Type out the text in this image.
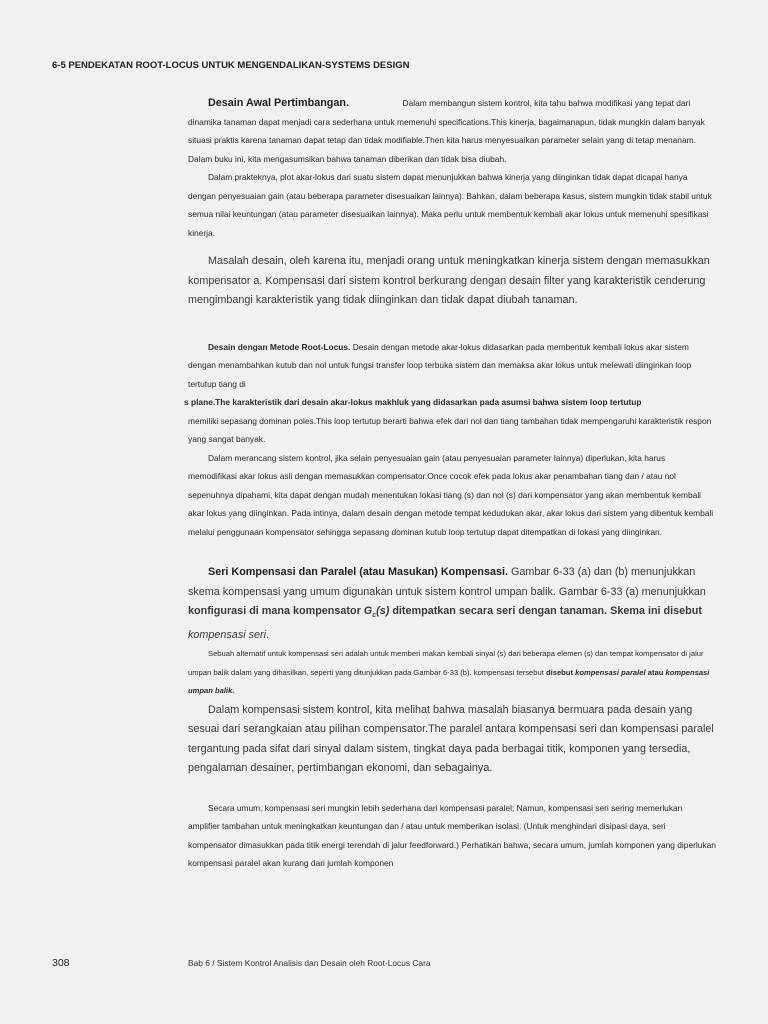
6-5 PENDEKATAN ROOT-LOCUS UNTUK MENGENDALIKAN-SYSTEMS DESIGN

Desain Awal Pertimbangan.	Dalam membangun sistem kontrol, kita tahu bahwa modifikasi yang tepat dari dinamika tanaman dapat menjadi cara sederhana untuk memenuhi specifications.This kinerja, bagaimanapun, tidak mungkin dalam banyak situasi praktis karena tanaman dapat tetap dan tidak modifiable.Then kita harus menyesuaikan parameter selain yang di tetap menanam. Dalam buku ini, kita mengasumsikan bahwa tanaman diberikan dan tidak bisa diubah.

Dalam prakteknya, plot akar-lokus dari suatu sistem dapat menunjukkan bahwa kinerja yang diinginkan tidak dapat dicapai hanya dengan penyesuaian gain (atau beberapa parameter disesuaikan lainnya). Bahkan, dalam beberapa kasus, sistem mungkin tidak stabil untuk semua nilai keuntungan (atau parameter disesuaikan lainnya). Maka perlu untuk membentuk kembali akar lokus untuk memenuhi spesifikasi kinerja.

Masalah desain, oleh karena itu, menjadi orang untuk meningkatkan kinerja sistem dengan memasukkan kompensator a. Kompensasi dari sistem kontrol berkurang dengan desain filter yang karakteristik cenderung mengimbangi karakteristik yang tidak diinginkan dan tidak dapat diubah tanaman.

Desain dengan Metode Root-Locus. Desain dengan metode akar-lokus didasarkan pada membentuk kembali lokus akar sistem dengan menambahkan kutub dan nol untuk fungsi transfer loop terbuka sistem dan memaksa akar lokus untuk melewati diinginkan loop tertutup tiang di

s plane.The karakteristik dari desain akar-lokus makhluk yang didasarkan pada asumsi bahwa sistem loop tertutup

memiliki sepasang dominan poles.This loop tertutup berarti bahwa efek dari nol dan tiang tambahan tidak mempengaruhi karakteristik respon yang sangat banyak.

Dalam merancang sistem kontrol, jika selain penyesuaian gain (atau penyesuaian parameter lainnya) diperlukan, kita harus memodifikasi akar lokus asli dengan memasukkan compensator.Once cocok efek pada lokus akar penambahan tiang dan / atau nol sepenuhnya dipahami, kita dapat dengan mudah menentukan lokasi tiang (s) dan nol (s) dari kompensator yang akan membentuk kembali akar lokus yang diinginkan. Pada intinya, dalam desain dengan metode tempat kedudukan akar, akar lokus dari sistem yang dibentuk kembali melalui penggunaan kompensator sehingga sepasang dominan kutub loop tertutup dapat ditempatkan di lokasi yang diinginkan.

Seri Kompensasi dan Paralel (atau Masukan) Kompensasi. Gambar 6-33 (a) dan (b) menunjukkan skema kompensasi yang umum digunakan untuk sistem kontrol umpan balik. Gambar 6-33 (a) menunjukkan konfigurasi di mana kompensator $G_c(s)$ ditempatkan secara seri dengan tanaman. Skema ini disebut kompensasi seri.

Sebuah alternatif untuk kompensasi seri adalah untuk memberi makan kembali sinyal (s) dari beberapa elemen (s) dan tempat kompensator di jalur umpan balik dalam yang dihasilkan, seperti yang ditunjukkan pada Gambar 6-33 (b). kompensasi tersebut disebut kompensasi paralel atau kompensasi umpan balik.

Dalam kompensasi sistem kontrol, kita melihat bahwa masalah biasanya bermuara pada desain yang sesuai dari serangkaian atau pilihan compensator.The paralel antara kompensasi seri dan kompensasi paralel tergantung pada sifat dari sinyal dalam sistem, tingkat daya pada berbagai titik, komponen yang tersedia, pengalaman desainer, pertimbangan ekonomi, dan sebagainya.

Secara umum, kompensasi seri mungkin lebih sederhana dari kompensasi paralel; Namun, kompensasi seri sering memerlukan amplifier tambahan untuk meningkatkan keuntungan dan / atau untuk memberikan isolasi. (Untuk menghindari disipasi daya, seri kompensator dimasukkan pada titik energi terendah di jalur feedforward.) Perhatikan bahwa, secara umum, jumlah komponen yang diperlukan kompensasi paralel akan kurang dari jumlah komponen

308	Bab 6 / Sistem Kontrol Analisis dan Desain oleh Root-Locus Cara
